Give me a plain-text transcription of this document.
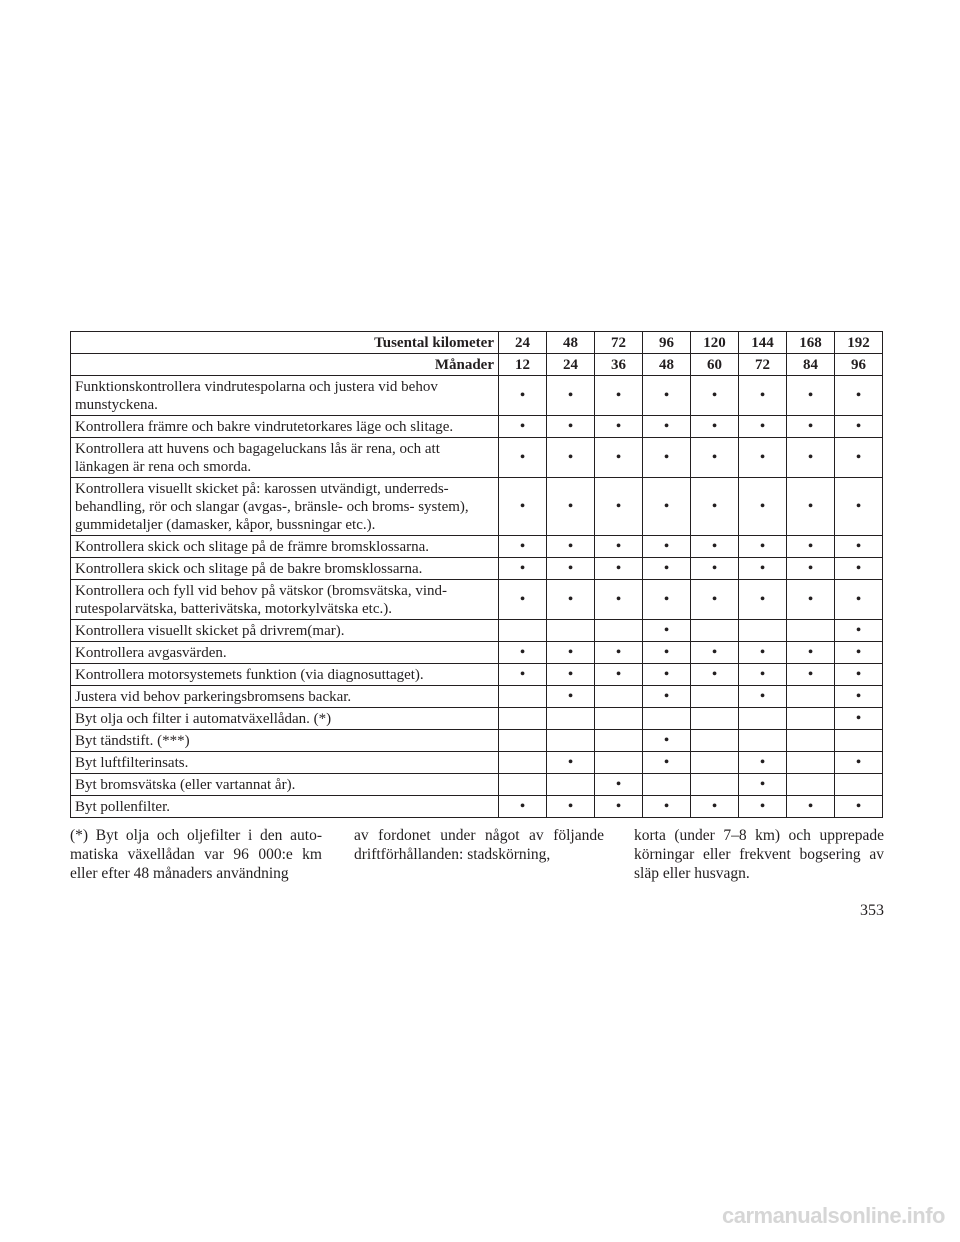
Tusental kilometer	24	48	72	96	120	144	168	192
Månader	12	24	36	48	60	72	84	96
Funktionskontrollera vindrutespolarna och justera vid behov munstyckena.	•	•	•	•	•	•	•	•
Kontrollera främre och bakre vindrutetorkares läge och slitage.	•	•	•	•	•	•	•	•
Kontrollera att huvens och bagageluckans lås är rena, och att länkagen är rena och smorda.	•	•	•	•	•	•	•	•
Kontrollera visuellt skicket på: karossen utvändigt, underreds- behandling, rör och slangar (avgas-, bränsle- och broms- system), gummidetaljer (damasker, kåpor, bussningar etc.).	•	•	•	•	•	•	•	•
Kontrollera skick och slitage på de främre bromsklossarna.	•	•	•	•	•	•	•	•
Kontrollera skick och slitage på de bakre bromsklossarna.	•	•	•	•	•	•	•	•
Kontrollera och fyll vid behov på vätskor (bromsvätska, vind- rutespolarvätska, batterivätska, motorkylvätska etc.).	•	•	•	•	•	•	•	•
Kontrollera visuellt skicket på drivrem(mar).				•				•
Kontrollera avgasvärden.	•	•	•	•	•	•	•	•
Kontrollera motorsystemets funktion (via diagnosuttaget).	•	•	•	•	•	•	•	•
Justera vid behov parkeringsbromsens backar.		•		•		•		•
Byt olja och filter i automatväxellådan. (*)								•
Byt tändstift. (***)				•				
Byt luftfilterinsats.		•		•		•		•
Byt bromsvätska (eller vartannat år).			•			•		
Byt pollenfilter.	•	•	•	•	•	•	•	•

(*) Byt olja och oljefilter i den auto- matiska växellådan var 96 000:e km eller efter 48 månaders användning

av fordonet under något av följande driftförhållanden: stadskörning,

korta (under 7–8 km) och upprepade körningar eller frekvent bogsering av släp eller husvagn.

353
carmanualsonline.info
